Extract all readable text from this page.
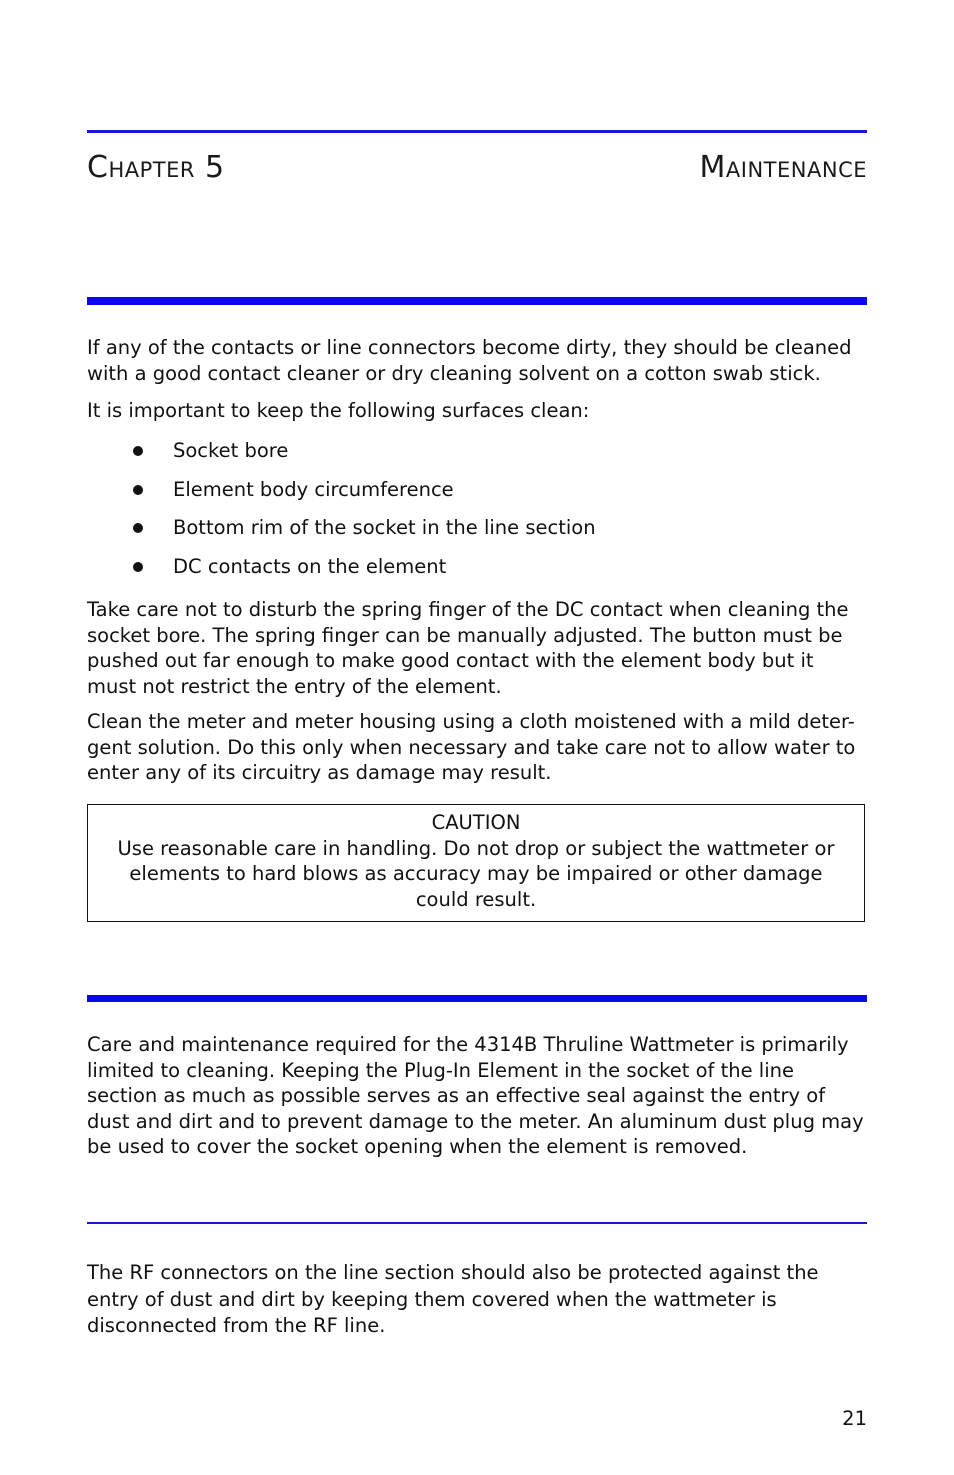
Chapter 5	Maintenance

If any of the contacts or line connectors become dirty, they should be cleaned with a good contact cleaner or dry cleaning solvent on a cotton swab stick.

It is important to keep the following surfaces clean:

Socket bore
Element body circumference
Bottom rim of the socket in the line section
DC contacts on the element

Take care not to disturb the spring finger of the DC contact when cleaning the socket bore. The spring finger can be manually adjusted. The button must be pushed out far enough to make good contact with the element body but it must not restrict the entry of the element.

Clean the meter and meter housing using a cloth moistened with a mild deter-gent solution. Do this only when necessary and take care not to allow water to enter any of its circuitry as damage may result.

CAUTION
Use reasonable care in handling. Do not drop or subject the wattmeter or elements to hard blows as accuracy may be impaired or other damage could result.

Care and maintenance required for the 4314B Thruline Wattmeter is primarily limited to cleaning. Keeping the Plug-In Element in the socket of the line section as much as possible serves as an effective seal against the entry of dust and dirt and to prevent damage to the meter. An aluminum dust plug may be used to cover the socket opening when the element is removed.

The RF connectors on the line section should also be protected against the entry of dust and dirt by keeping them covered when the wattmeter is disconnected from the RF line.

21
